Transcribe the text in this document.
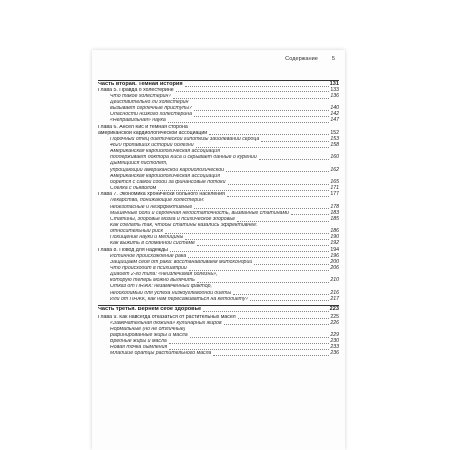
Содержание	5
Часть вторая. Темная история	131
Глава 5. Правда о холестерине	133
Что такое холестерин?	136
Действительно ли холестерин
вызывает сердечные приступы?	140
Опасности низкого холестерина	142
«Неправильная» наука	147
Глава 6. Ансел Кис и темная сторона
американской кардиологической ассоциации	152
Порочный отец диетической гипотезы заболеваний сердца	153
4820 пропавших историй болезни	158
Американская кардиологическая ассоциация
поддерживает доктора Киса и скрывает данные о курении	160
Дымящийся пистолет,
упрощающий американской кардиологической	162
Американская кардиологическая ассоциация
борется с самой собой за финансовые потоки	165
Сделка с дьяволом	171
Глава 7. Экономика хронически больного населения	177
Лекарства, понижающие холестерин:
небезопасные и неэффективные	178
Мышечные боли и сердечная недостаточность, вызванные статинами	183
Статины, здоровье мозга и психическое здоровье	185
Как сделать так, чтобы статины казались эффективнее:
относительный риск	186
Похищение науки и медицины	190
Как выжить в сломанной системе	192
Глава 8. Повод для надежды	194
Истинное происхождение рака	196
Защищаем себя от рака: восстанавливаем митохондрии	200
Что происходит в психиатрии	206
Диабет 2-го типа: «неизлечимая болезнь»,
которую теперь можно вылечить	210
Отказ от ПНЖК: незамеченный фактор,
необходимый для успеха низкоуглеводной диеты	216
Или от ПНЖК, как нам пересаживаться на кетодиету?	217
Часть третья. Вернем себе здоровье	223
Глава 9. Как навсегда отказаться от растительных масел	225
«Замечательная дюжина» кулинарных жиров	226
Нормальные (но не отличные)
рафинированные жиры и масла	229
Вредные жиры и масла	230
Новая точка дымления	233
Младшие братцы растительного масла	236
